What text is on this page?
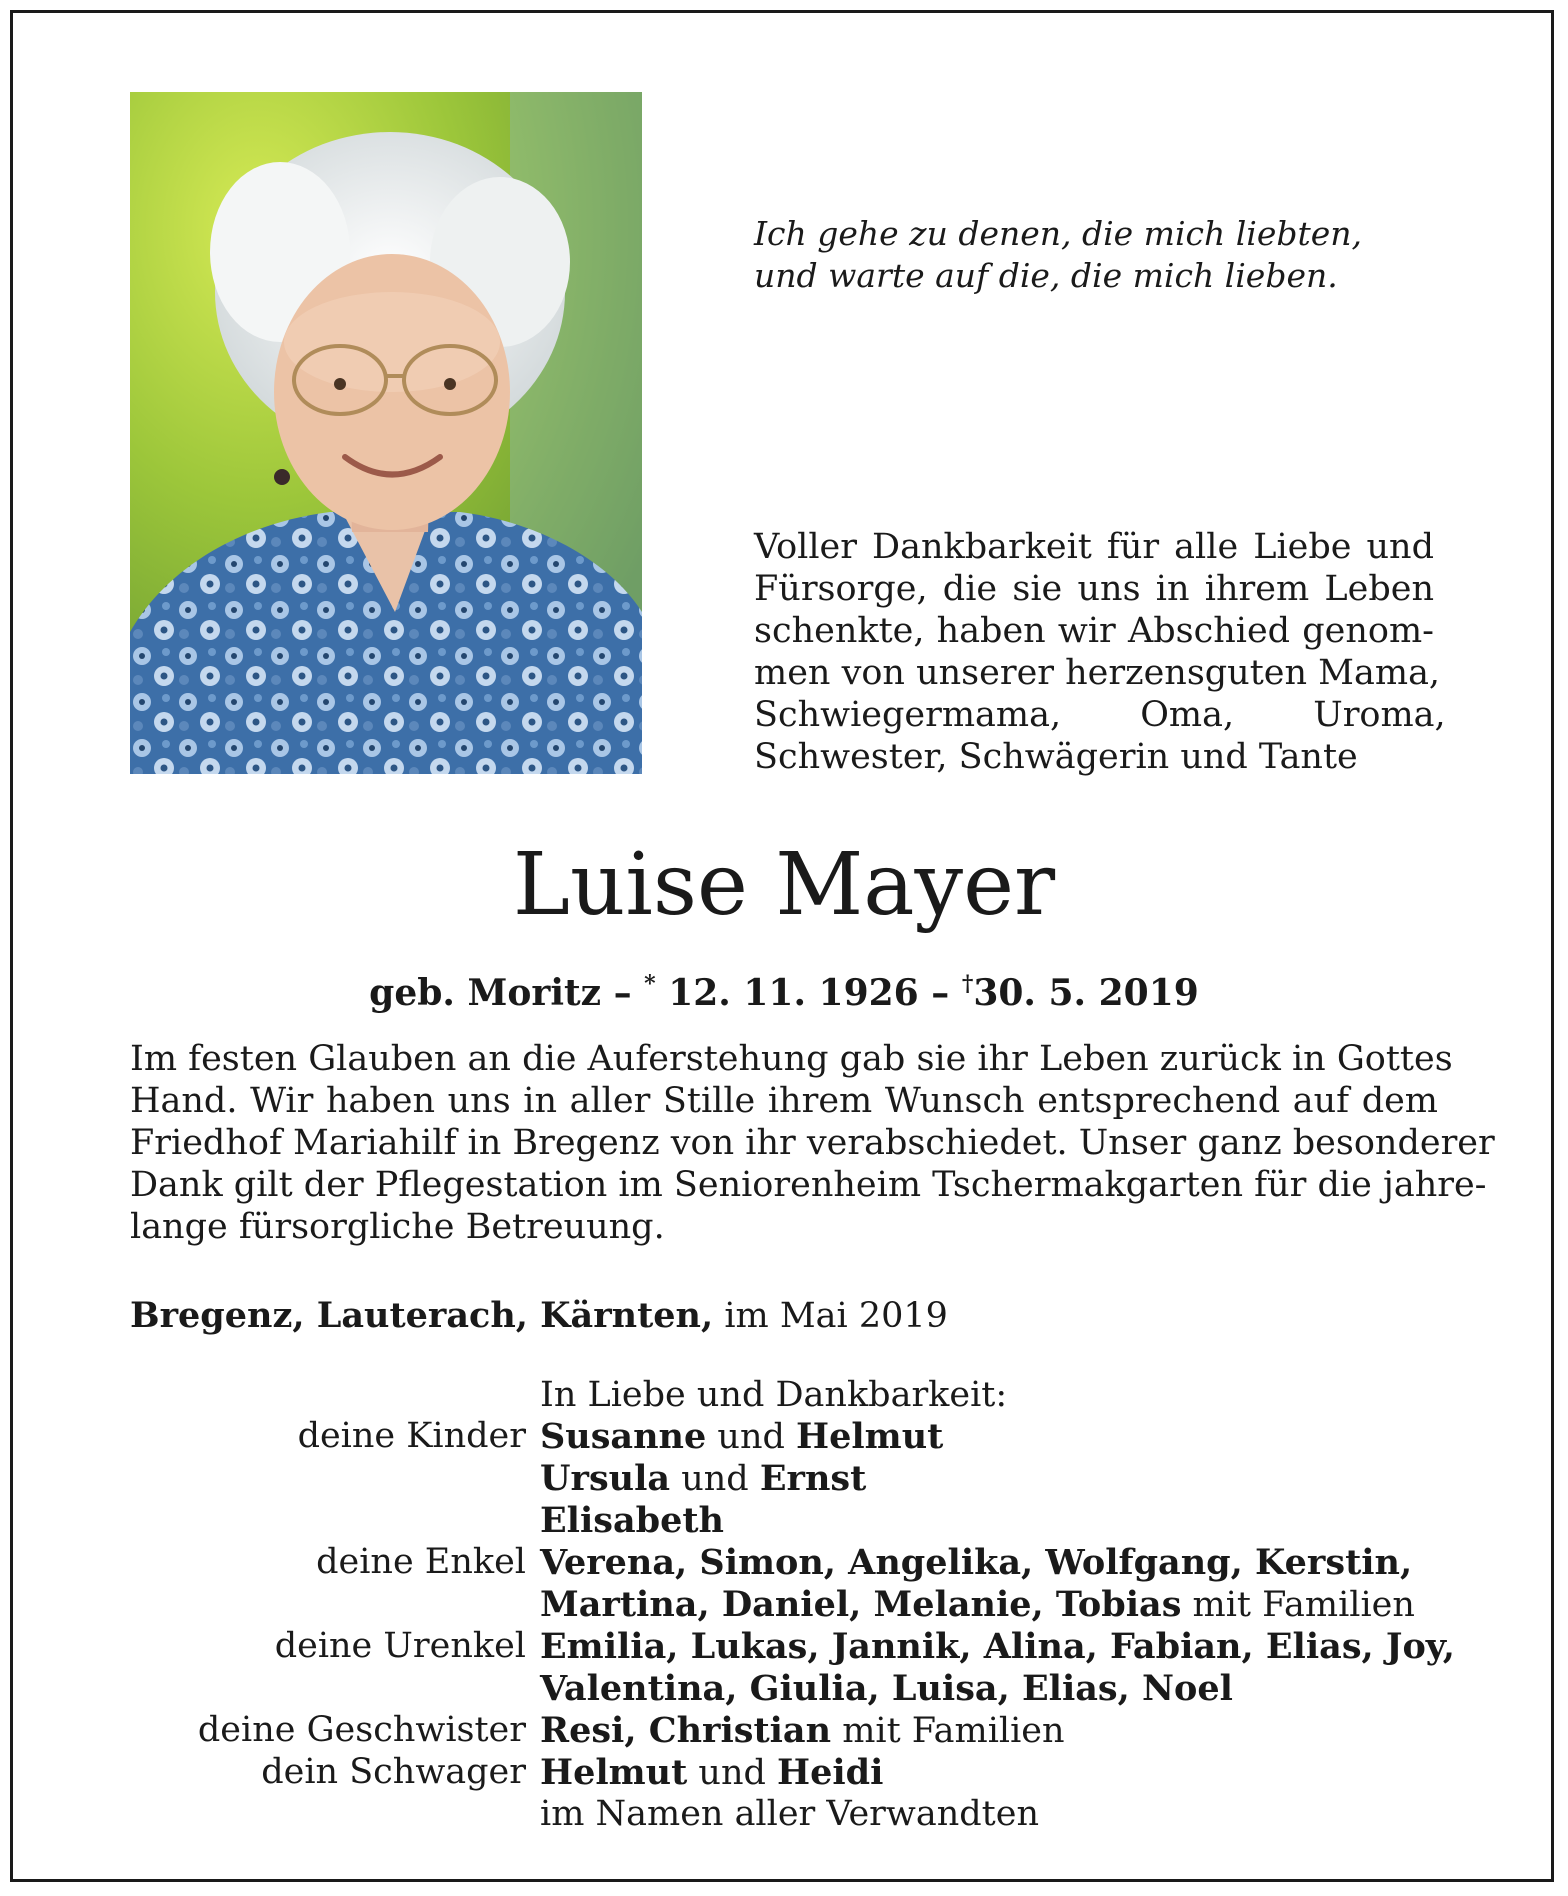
Ich gehe zu denen, die mich liebten,
und warte auf die, die mich lieben.
Voller Dankbarkeit für alle Liebe und
Fürsorge, die sie uns in ihrem Leben
schenkte, haben wir Abschied genom-
men von unserer herzensguten Mama,
Schwiegermama, Oma, Uroma,
Schwester, Schwägerin und Tante
Luise Mayer
geb. Moritz – * 12. 11. 1926 – †30. 5. 2019
Im festen Glauben an die Auferstehung gab sie ihr Leben zurück in Gottes
Hand. Wir haben uns in aller Stille ihrem Wunsch entsprechend auf dem
Friedhof Mariahilf in Bregenz von ihr verabschiedet. Unser ganz besonderer
Dank gilt der Pflegestation im Seniorenheim Tschermakgarten für die jahre-
lange fürsorgliche Betreuung.
Bregenz, Lauterach, Kärnten, im Mai 2019
In Liebe und Dankbarkeit:
deine Kinder Susanne und Helmut
Ursula und Ernst
Elisabeth
deine Enkel Verena, Simon, Angelika, Wolfgang, Kerstin,
Martina, Daniel, Melanie, Tobias mit Familien
deine Urenkel Emilia, Lukas, Jannik, Alina, Fabian, Elias, Joy,
Valentina, Giulia, Luisa, Elias, Noel
deine Geschwister Resi, Christian mit Familien
dein Schwager Helmut und Heidi
im Namen aller Verwandten
